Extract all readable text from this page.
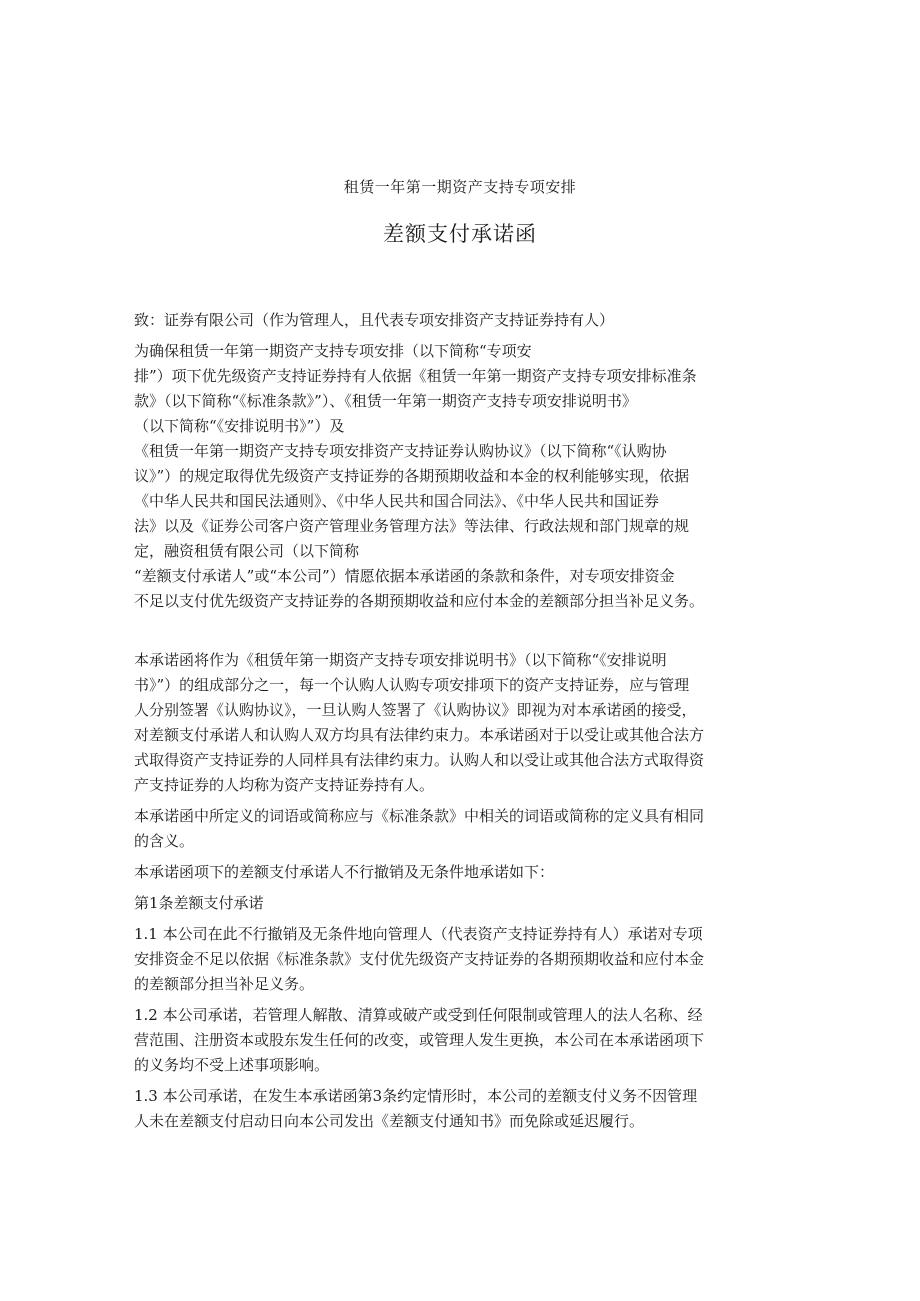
租赁一年第一期资产支持专项安排
差额支付承诺函

致：证券有限公司（作为管理人，且代表专项安排资产支持证券持有人）

为确保租赁一年第一期资产支持专项安排（以下简称“专项安
排”）项下优先级资产支持证券持有人依据《租赁一年第一期资产支持专项安排标准条
款》（以下简称“《标准条款》”）、《租赁一年第一期资产支持专项安排说明书》
（以下简称“《安排说明书》”）及
《租赁一年第一期资产支持专项安排资产支持证券认购协议》（以下简称“《认购协
议》”）的规定取得优先级资产支持证券的各期预期收益和本金的权利能够实现，依据
《中华人民共和国民法通则》、《中华人民共和国合同法》、《中华人民共和国证券
法》以及《证券公司客户资产管理业务管理方法》等法律、行政法规和部门规章的规
定，融资租赁有限公司（以下简称
“差额支付承诺人”或“本公司”）情愿依据本承诺函的条款和条件，对专项安排资金
不足以支付优先级资产支持证券的各期预期收益和应付本金的差额部分担当补足义务。

本承诺函将作为《租赁年第一期资产支持专项安排说明书》（以下简称“《安排说明
书》”）的组成部分之一，每一个认购人认购专项安排项下的资产支持证券，应与管理
人分别签署《认购协议》，一旦认购人签署了《认购协议》即视为对本承诺函的接受，
对差额支付承诺人和认购人双方均具有法律约束力。本承诺函对于以受让或其他合法方
式取得资产支持证券的人同样具有法律约束力。认购人和以受让或其他合法方式取得资
产支持证券的人均称为资产支持证券持有人。

本承诺函中所定义的词语或简称应与《标准条款》中相关的词语或简称的定义具有相同
的含义。

本承诺函项下的差额支付承诺人不行撤销及无条件地承诺如下：

第1条差额支付承诺

1.1 本公司在此不行撤销及无条件地向管理人（代表资产支持证券持有人）承诺对专项
安排资金不足以依据《标准条款》支付优先级资产支持证券的各期预期收益和应付本金
的差额部分担当补足义务。

1.2 本公司承诺，若管理人解散、清算或破产或受到任何限制或管理人的法人名称、经
营范围、注册资本或股东发生任何的改变，或管理人发生更换，本公司在本承诺函项下
的义务均不受上述事项影响。

1.3 本公司承诺，在发生本承诺函第3条约定情形时，本公司的差额支付义务不因管理
人未在差额支付启动日向本公司发出《差额支付通知书》而免除或延迟履行。
